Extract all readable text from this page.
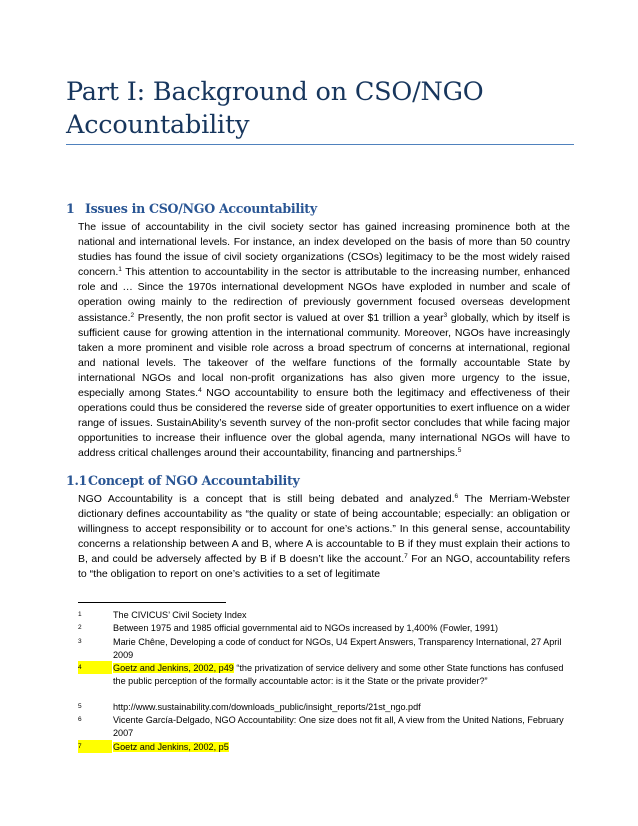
Part I: Background on CSO/NGO Accountability
1 Issues in CSO/NGO Accountability

The issue of accountability in the civil society sector has gained increasing prominence both at the national and international levels. For instance, an index developed on the basis of more than 50 country studies has found the issue of civil society organizations (CSOs) legitimacy to be the most widely raised concern.$^1$ This attention to accountability in the sector is attributable to the increasing number, enhanced role and … Since the 1970s international development NGOs have exploded in number and scale of operation owing mainly to the redirection of previously government focused overseas development assistance.$^2$ Presently, the non profit sector is valued at over $1 trillion a year$^3$ globally, which by itself is sufficient cause for growing attention in the international community. Moreover, NGOs have increasingly taken a more prominent and visible role across a broad spectrum of concerns at international, regional and national levels. The takeover of the welfare functions of the formally accountable State by international NGOs and local non-profit organizations has also given more urgency to the issue, especially among States.$^4$ NGO accountability to ensure both the legitimacy and effectiveness of their operations could thus be considered the reverse side of greater opportunities to exert influence on a wider range of issues. SustainAbility’s seventh survey of the non-profit sector concludes that while facing major opportunities to increase their influence over the global agenda, many international NGOs will have to address critical challenges around their accountability, financing and partnerships.$^5$

1.1Concept of NGO Accountability

NGO Accountability is a concept that is still being debated and analyzed.$^6$ The Merriam-Webster dictionary defines accountability as “the quality or state of being accountable; especially: an obligation or willingness to accept responsibility or to account for one’s actions.” In this general sense, accountability concerns a relationship between A and B, where A is accountable to B if they must explain their actions to B, and could be adversely affected by B if B doesn’t like the account.$^7$ For an NGO, accountability refers to “the obligation to report on one’s activities to a set of legitimate

1	The CIVICUS’ Civil Society Index
2	Between 1975 and 1985 official governmental aid to NGOs increased by 1,400% (Fowler, 1991)
3	Marie Chêne, Developing a code of conduct for NGOs, U4 Expert Answers, Transparency International, 27 April 2009
4	Goetz and Jenkins, 2002, p49 “the privatization of service delivery and some other State functions has confused the public perception of the formally accountable actor: is it the State or the private provider?”
5	http://www.sustainability.com/downloads_public/insight_reports/21st_ngo.pdf
6	Vicente García-Delgado, NGO Accountability: One size does not fit all, A view from the United Nations, February 2007
7	Goetz and Jenkins, 2002, p5
